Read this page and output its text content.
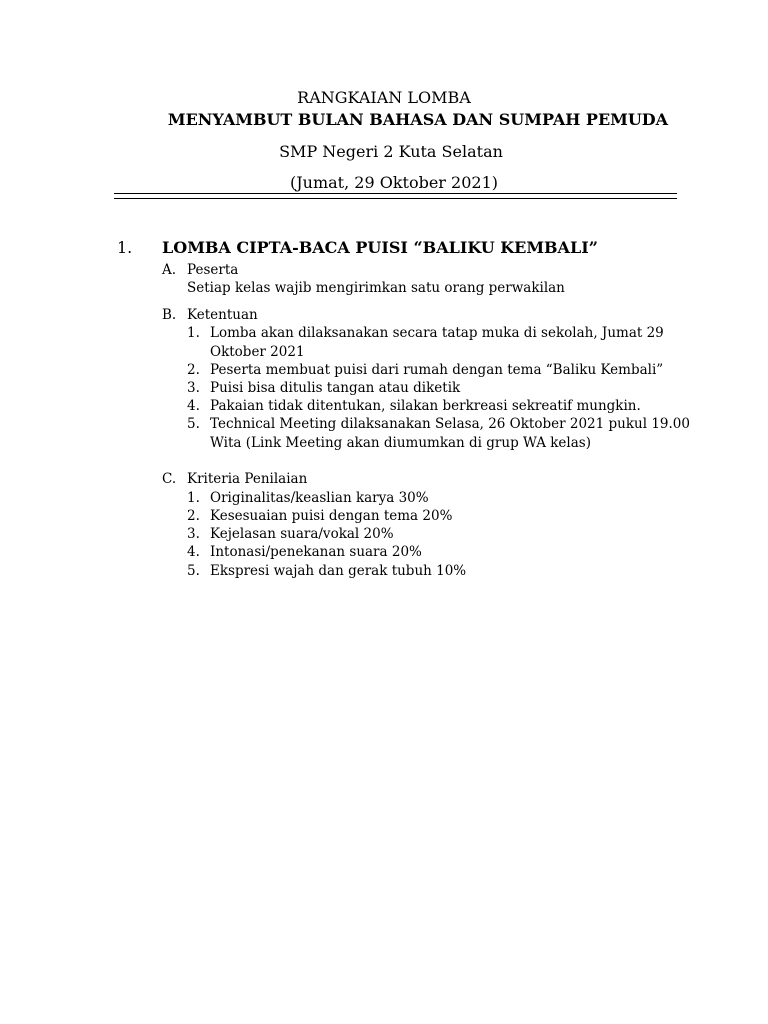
RANGKAIAN LOMBA
MENYAMBUT BULAN BAHASA DAN SUMPAH PEMUDA
SMP Negeri 2 Kuta Selatan
(Jumat, 29 Oktober 2021)
1. LOMBA CIPTA-BACA PUISI “BALIKU KEMBALI”
A. Peserta
Setiap kelas wajib mengirimkan satu orang perwakilan
B. Ketentuan
1. Lomba akan dilaksanakan secara tatap muka di sekolah, Jumat 29
Oktober 2021
2. Peserta membuat puisi dari rumah dengan tema “Baliku Kembali”
3. Puisi bisa ditulis tangan atau diketik
4. Pakaian tidak ditentukan, silakan berkreasi sekreatif mungkin.
5. Technical Meeting dilaksanakan Selasa, 26 Oktober 2021 pukul 19.00
Wita (Link Meeting akan diumumkan di grup WA kelas)
C. Kriteria Penilaian
1. Originalitas/keaslian karya 30%
2. Kesesuaian puisi dengan tema 20%
3. Kejelasan suara/vokal 20%
4. Intonasi/penekanan suara 20%
5. Ekspresi wajah dan gerak tubuh 10%
